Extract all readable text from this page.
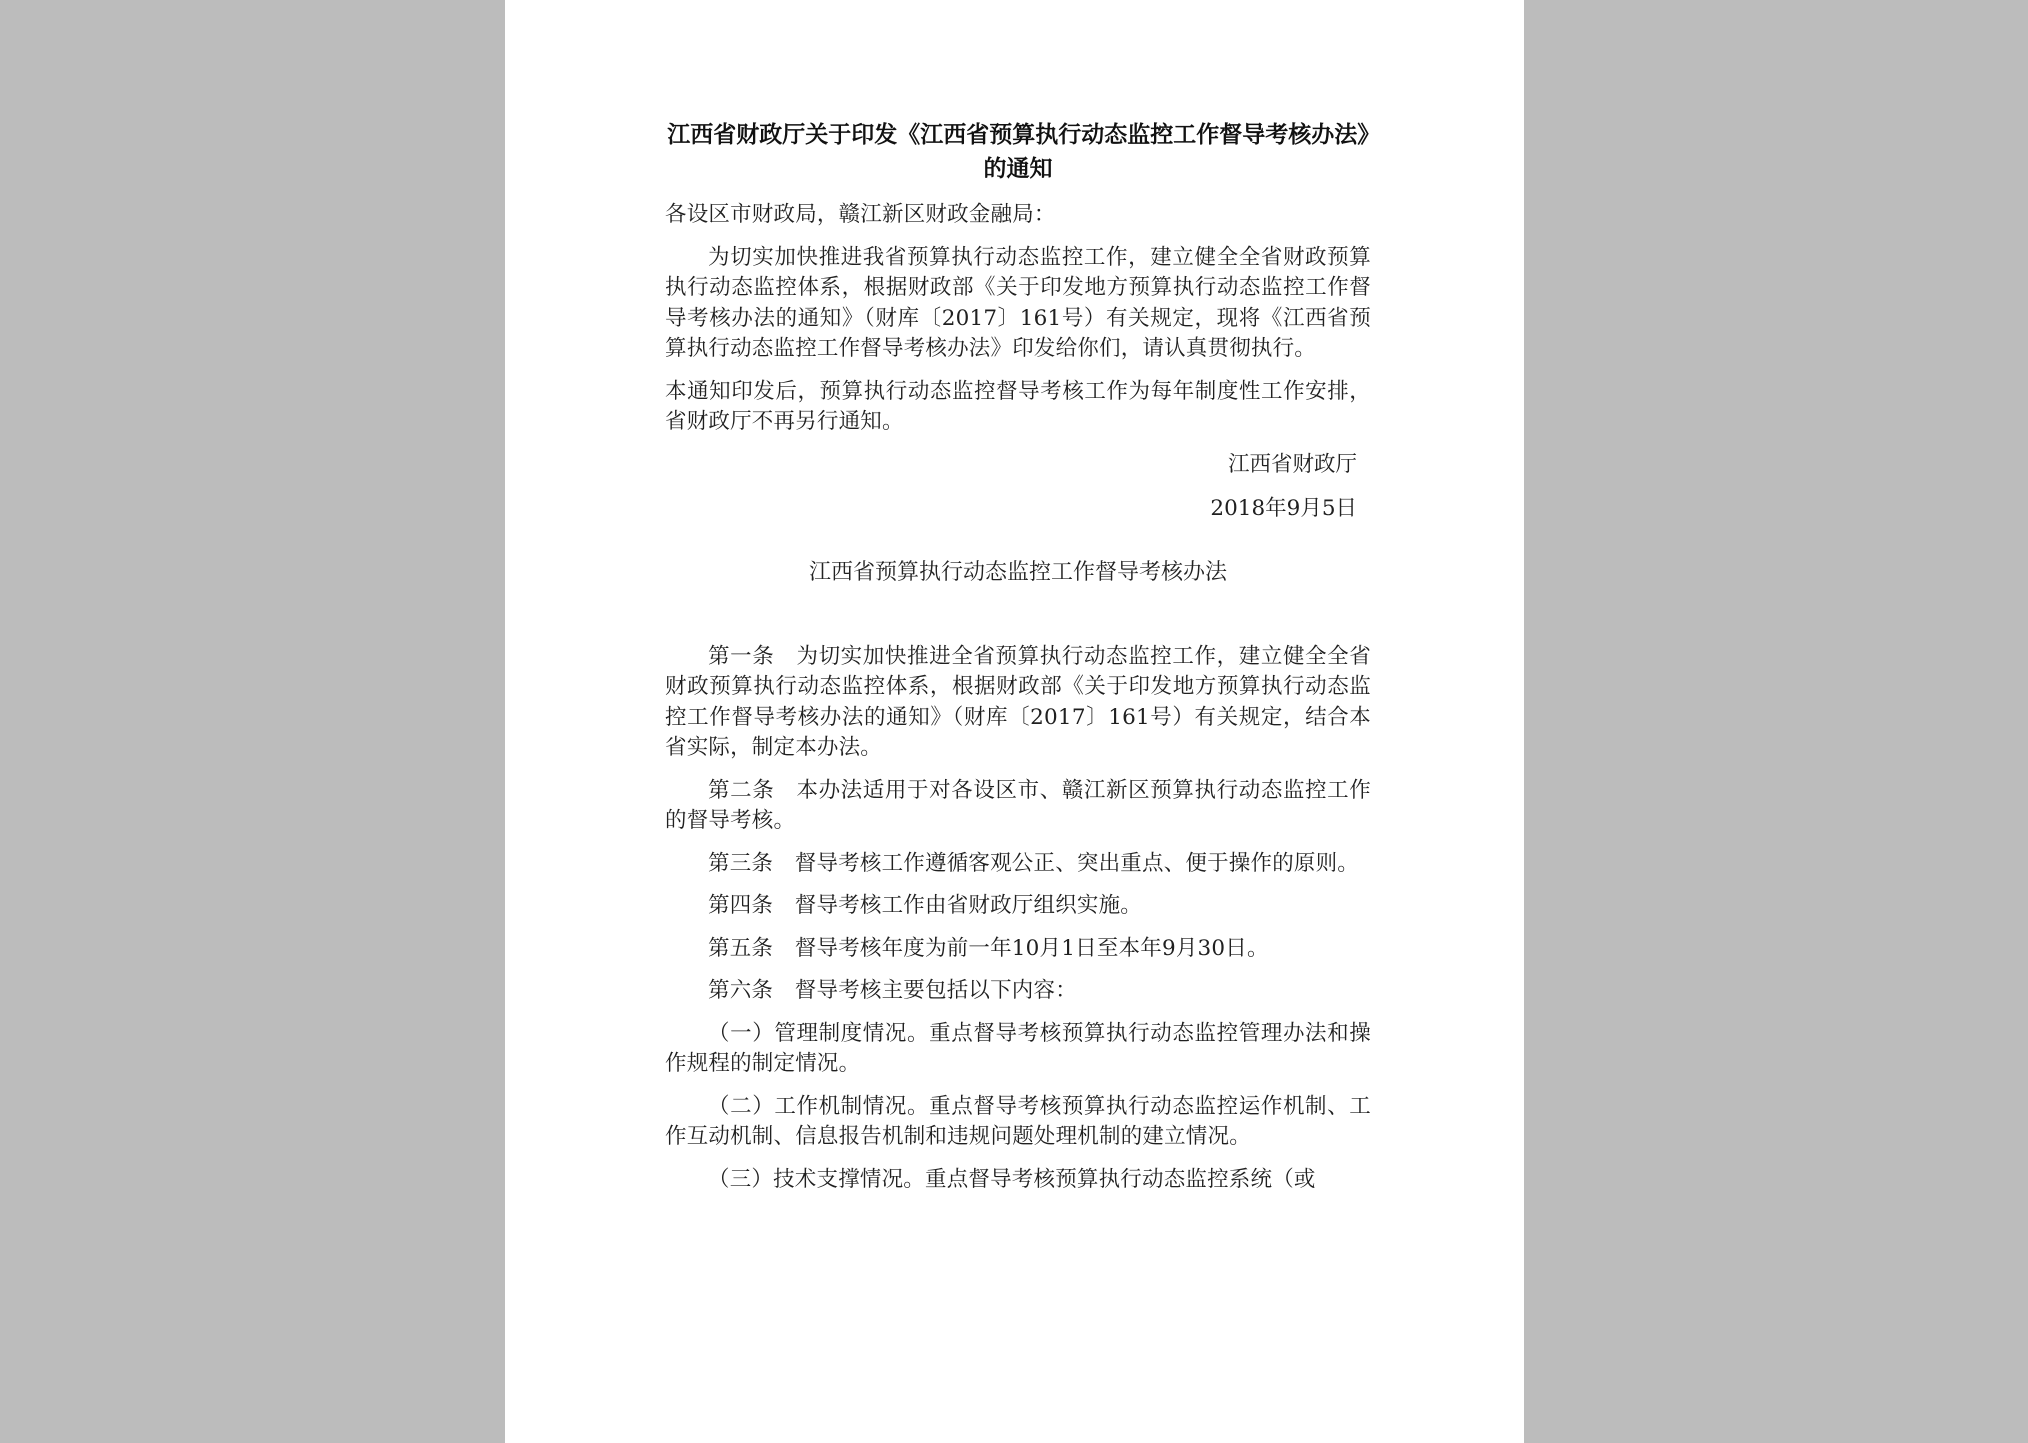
江西省财政厅关于印发《江西省预算执行动态监控工作督导考核办法》的通知
各设区市财政局，赣江新区财政金融局：
为切实加快推进我省预算执行动态监控工作，建立健全全省财政预算执行动态监控体系，根据财政部《关于印发地方预算执行动态监控工作督导考核办法的通知》（财库〔2017〕161号）有关规定，现将《江西省预算执行动态监控工作督导考核办法》印发给你们，请认真贯彻执行。
本通知印发后，预算执行动态监控督导考核工作为每年制度性工作安排，省财政厅不再另行通知。
江西省财政厅
2018年9月5日
江西省预算执行动态监控工作督导考核办法
第一条　为切实加快推进全省预算执行动态监控工作，建立健全全省财政预算执行动态监控体系，根据财政部《关于印发地方预算执行动态监控工作督导考核办法的通知》（财库〔2017〕161号）有关规定，结合本省实际，制定本办法。
第二条　本办法适用于对各设区市、赣江新区预算执行动态监控工作的督导考核。
第三条　督导考核工作遵循客观公正、突出重点、便于操作的原则。
第四条　督导考核工作由省财政厅组织实施。
第五条　督导考核年度为前一年10月1日至本年9月30日。
第六条　督导考核主要包括以下内容：
（一）管理制度情况。重点督导考核预算执行动态监控管理办法和操作规程的制定情况。
（二）工作机制情况。重点督导考核预算执行动态监控运作机制、工作互动机制、信息报告机制和违规问题处理机制的建立情况。
（三）技术支撑情况。重点督导考核预算执行动态监控系统（或
